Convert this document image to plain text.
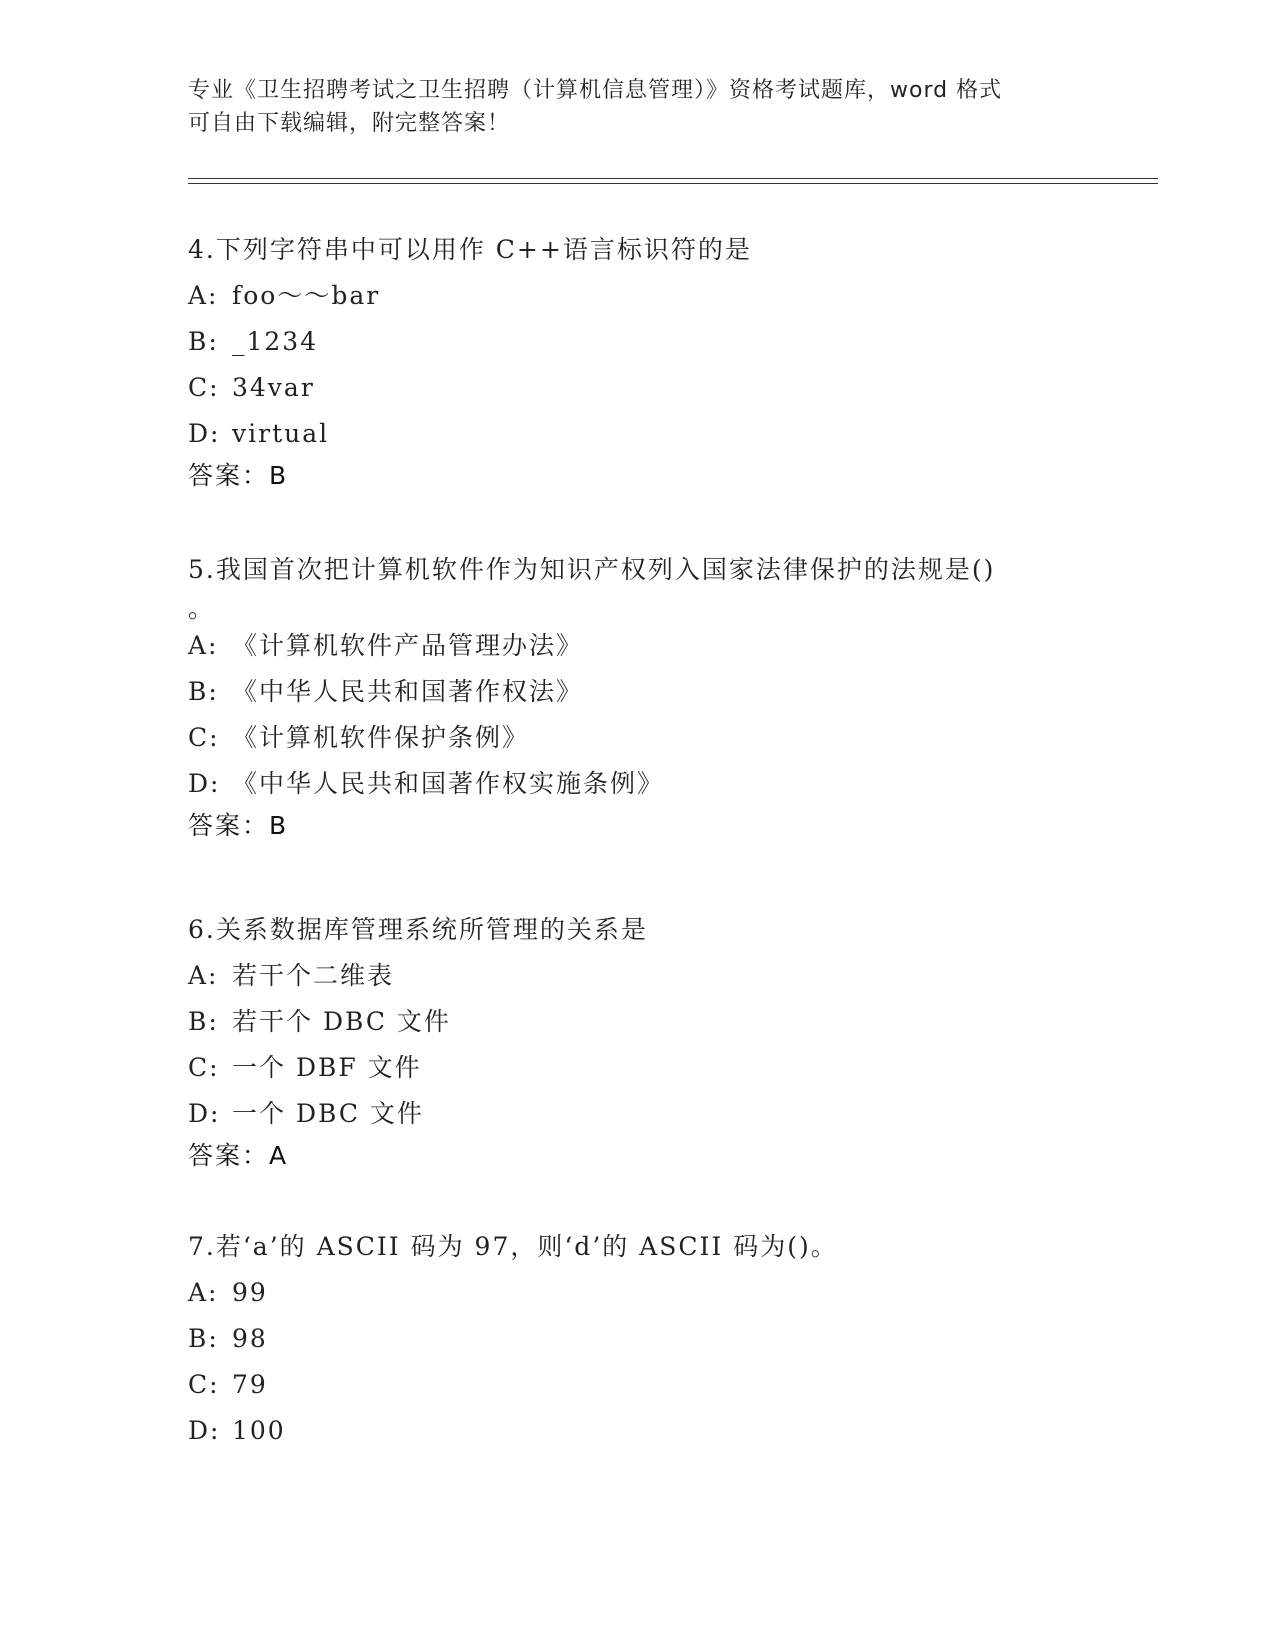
专业《卫生招聘考试之卫生招聘（计算机信息管理）》资格考试题库，word 格式
可自由下载编辑，附完整答案！
4.下列字符串中可以用作 C++语言标识符的是
A: foo～～bar
B: _1234
C: 34var
D: virtual
答案：B
5.我国首次把计算机软件作为知识产权列入国家法律保护的法规是()
。
A: 《计算机软件产品管理办法》
B: 《中华人民共和国著作权法》
C: 《计算机软件保护条例》
D: 《中华人民共和国著作权实施条例》
答案：B
6.关系数据库管理系统所管理的关系是
A: 若干个二维表
B: 若干个 DBC 文件
C: 一个 DBF 文件
D: 一个 DBC 文件
答案：A
7.若‘a’的 ASCII 码为 97，则‘d’的 ASCII 码为()。
A: 99
B: 98
C: 79
D: 100
